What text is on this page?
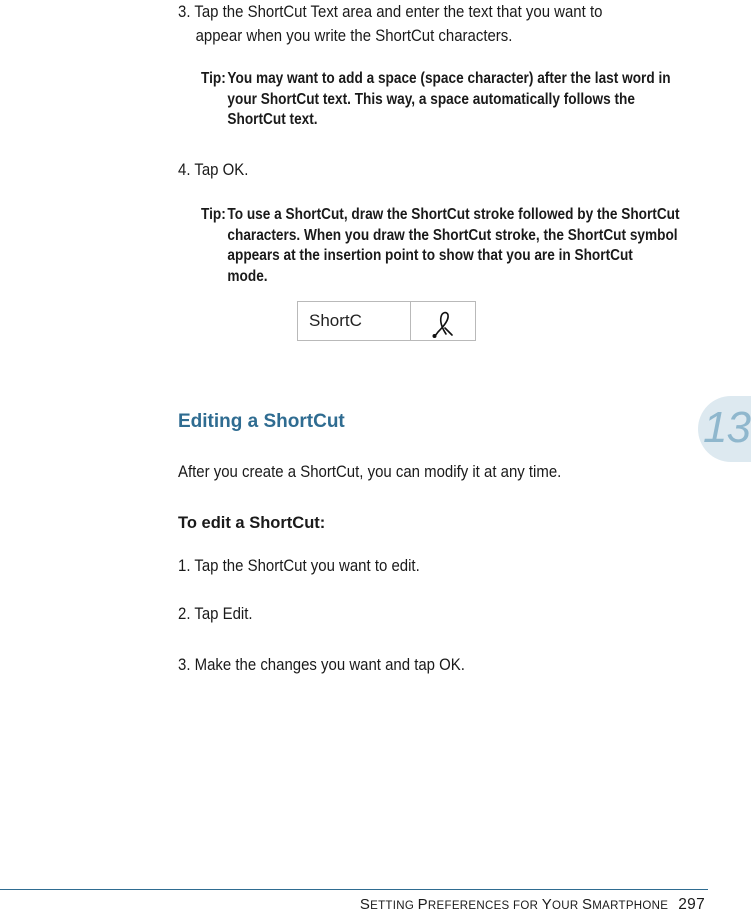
3. Tap the ShortCut Text area and enter the text that you want to
appear when you write the ShortCut characters.
Tip: You may want to add a space (space character) after the last word in
your ShortCut text. This way, a space automatically follows the
ShortCut text.
4. Tap OK.
Tip: To use a ShortCut, draw the ShortCut stroke followed by the ShortCut
characters. When you draw the ShortCut stroke, the ShortCut symbol
appears at the insertion point to show that you are in ShortCut
mode.
ShortC
13
Editing a ShortCut
After you create a ShortCut, you can modify it at any time.
To edit a ShortCut:
1. Tap the ShortCut you want to edit.
2. Tap Edit.
3. Make the changes you want and tap OK.
SETTING PREFERENCES FOR YOUR SMARTPHONE 297
